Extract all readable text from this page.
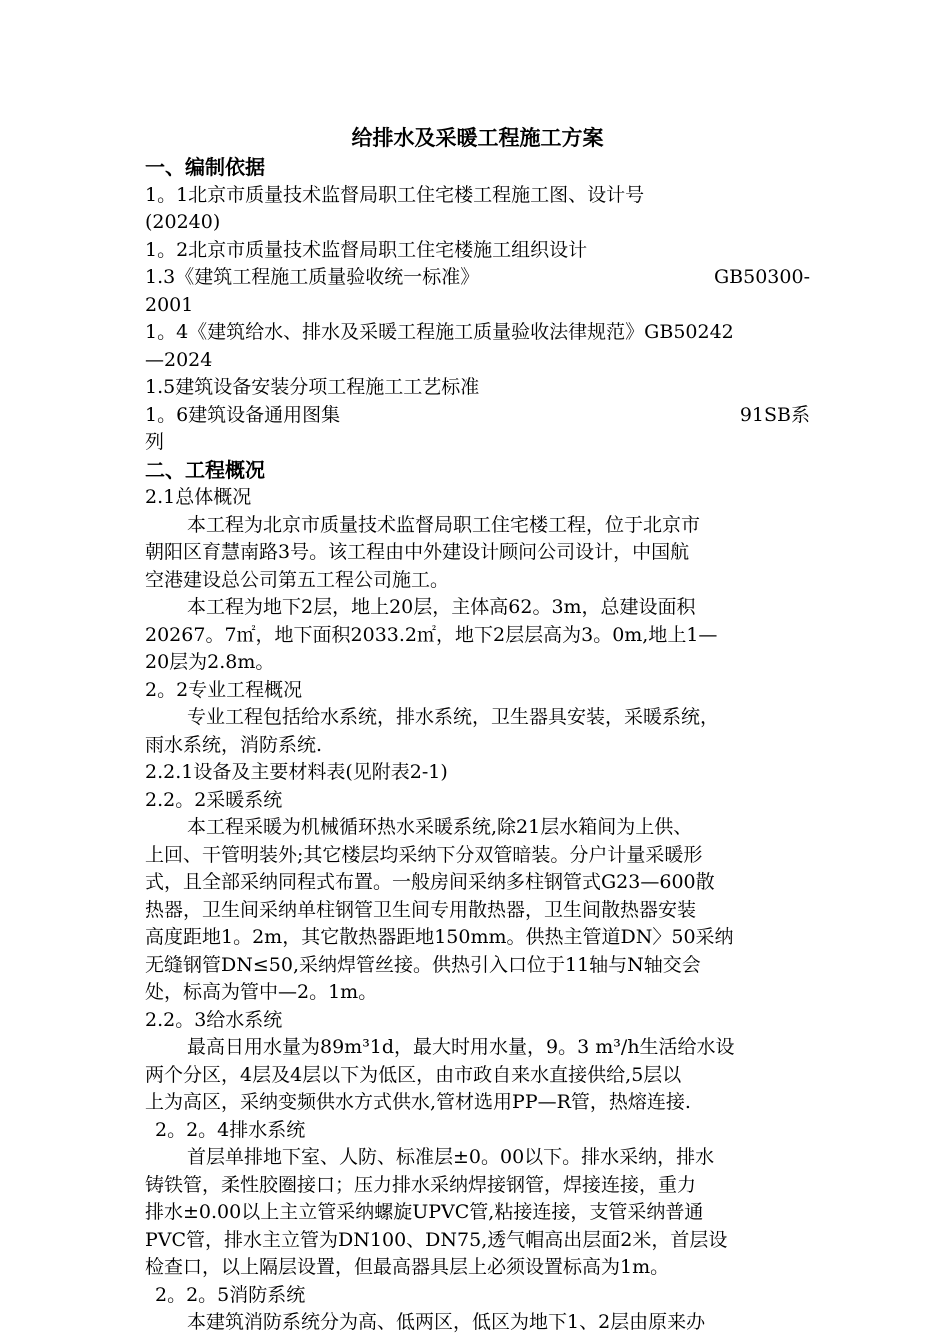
给排水及采暖工程施工方案
一、编制依据
1。1北京市质量技术监督局职工住宅楼工程施工图、设计号
(20240)
1。2北京市质量技术监督局职工住宅楼施工组织设计
1.3《建筑工程施工质量验收统一标准》	GB50300-
2001
1。4《建筑给水、排水及采暖工程施工质量验收法律规范》GB50242
—2024
1.5建筑设备安装分项工程施工工艺标准
1。6建筑设备通用图集	91SB系
列
二、工程概况
2.1总体概况
本工程为北京市质量技术监督局职工住宅楼工程，位于北京市
朝阳区育慧南路3号。该工程由中外建设计顾问公司设计，中国航
空港建设总公司第五工程公司施工。
本工程为地下2层，地上20层，主体高62。3m，总建设面积
20267。7㎡，地下面积2033.2㎡，地下2层层高为3。0m,地上1—
20层为2.8m。
2。2专业工程概况
专业工程包括给水系统，排水系统，卫生器具安装，采暖系统，
雨水系统，消防系统.
2.2.1设备及主要材料表(见附表2-1)
2.2。2采暖系统
本工程采暖为机械循环热水采暖系统,除21层水箱间为上供、
上回、干管明装外;其它楼层均采纳下分双管暗装。分户计量采暖形
式，且全部采纳同程式布置。一般房间采纳多柱钢管式G23—600散
热器，卫生间采纳单柱钢管卫生间专用散热器，卫生间散热器安装
高度距地1。2m，其它散热器距地150mm。供热主管道DN〉50采纳
无缝钢管DN≤50,采纳焊管丝接。供热引入口位于11轴与N轴交会
处，标高为管中—2。1m。
2.2。3给水系统
最高日用水量为89m³1d，最大时用水量，9。3 m³/h生活给水设
两个分区，4层及4层以下为低区，由市政自来水直接供给,5层以
上为高区，采纳变频供水方式供水,管材选用PP—R管，热熔连接.
2。2。4排水系统
首层单排地下室、人防、标准层±0。00以下。排水采纳，排水
铸铁管，柔性胶圈接口；压力排水采纳焊接钢管，焊接连接，重力
排水±0.00以上主立管采纳螺旋UPVC管,粘接连接，支管采纳普通
PVC管，排水主立管为DN100、DN75,透气帽高出层面2米，首层设
检查口，以上隔层设置，但最高器具层上必须设置标高为1m。
2。2。5消防系统
本建筑消防系统分为高、低两区，低区为地下1、2层由原来办
